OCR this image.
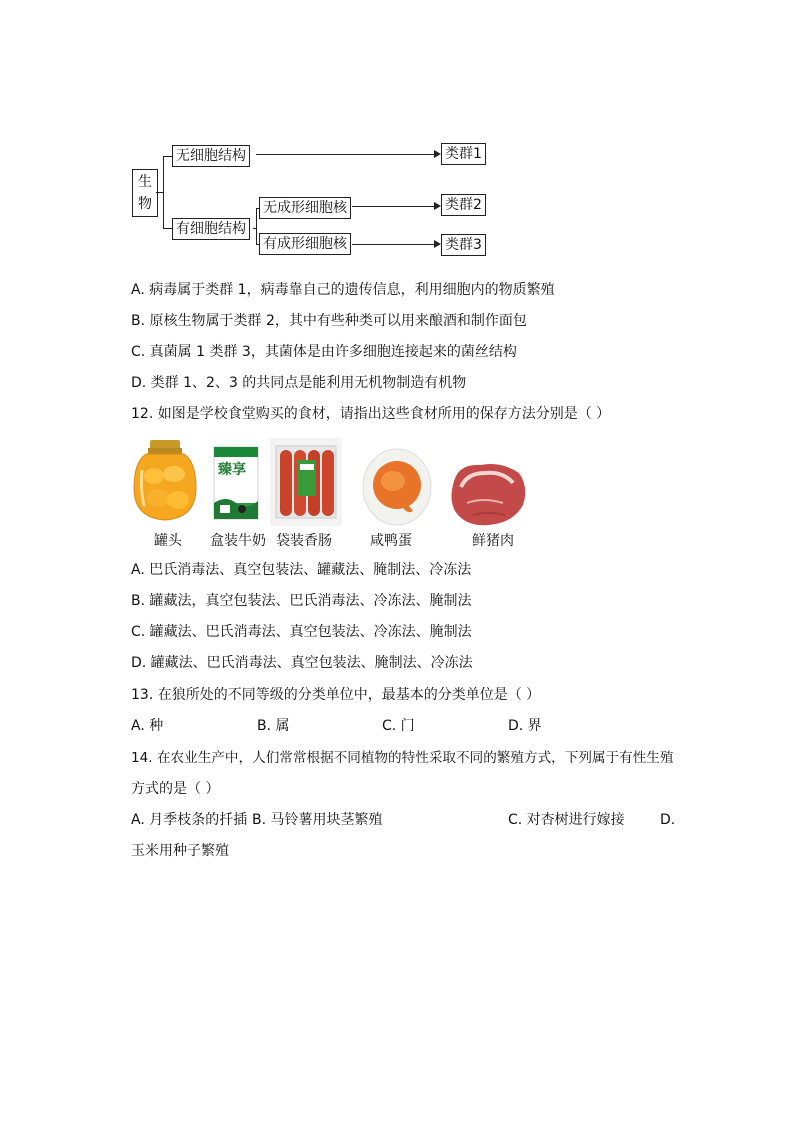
生物
无细胞结构	类群1
有细胞结构
无成形细胞核	类群2
有成形细胞核	类群3
A. 病毒属于类群 1，病毒靠自己的遗传信息，利用细胞内的物质繁殖
B. 原核生物属于类群 2，其中有些种类可以用来酿酒和制作面包
C. 真菌属 1 类群 3，其菌体是由许多细胞连接起来的菌丝结构
D. 类群 1、2、3 的共同点是能利用无机物制造有机物
12. 如图是学校食堂购买的食材，请指出这些食材所用的保存方法分别是（ ）
臻享
罐头 盒装牛奶 袋装香肠	咸鸭蛋	鲜猪肉
A. 巴氏消毒法、真空包装法、罐藏法、腌制法、冷冻法
B. 罐藏法，真空包装法、巴氏消毒法、冷冻法、腌制法
C. 罐藏法、巴氏消毒法、真空包装法、冷冻法、腌制法
D. 罐藏法、巴氏消毒法、真空包装法、腌制法、冷冻法
13. 在狼所处的不同等级的分类单位中，最基本的分类单位是（ ）
A. 种	B. 属	C. 门	D. 界
14. 在农业生产中，人们常常根据不同植物的特性采取不同的繁殖方式，下列属于有性生殖
方式的是（ ）
A. 月季枝条的扦插 B. 马铃薯用块茎繁殖	C. 对杏树进行嫁接	D.
玉米用种子繁殖
